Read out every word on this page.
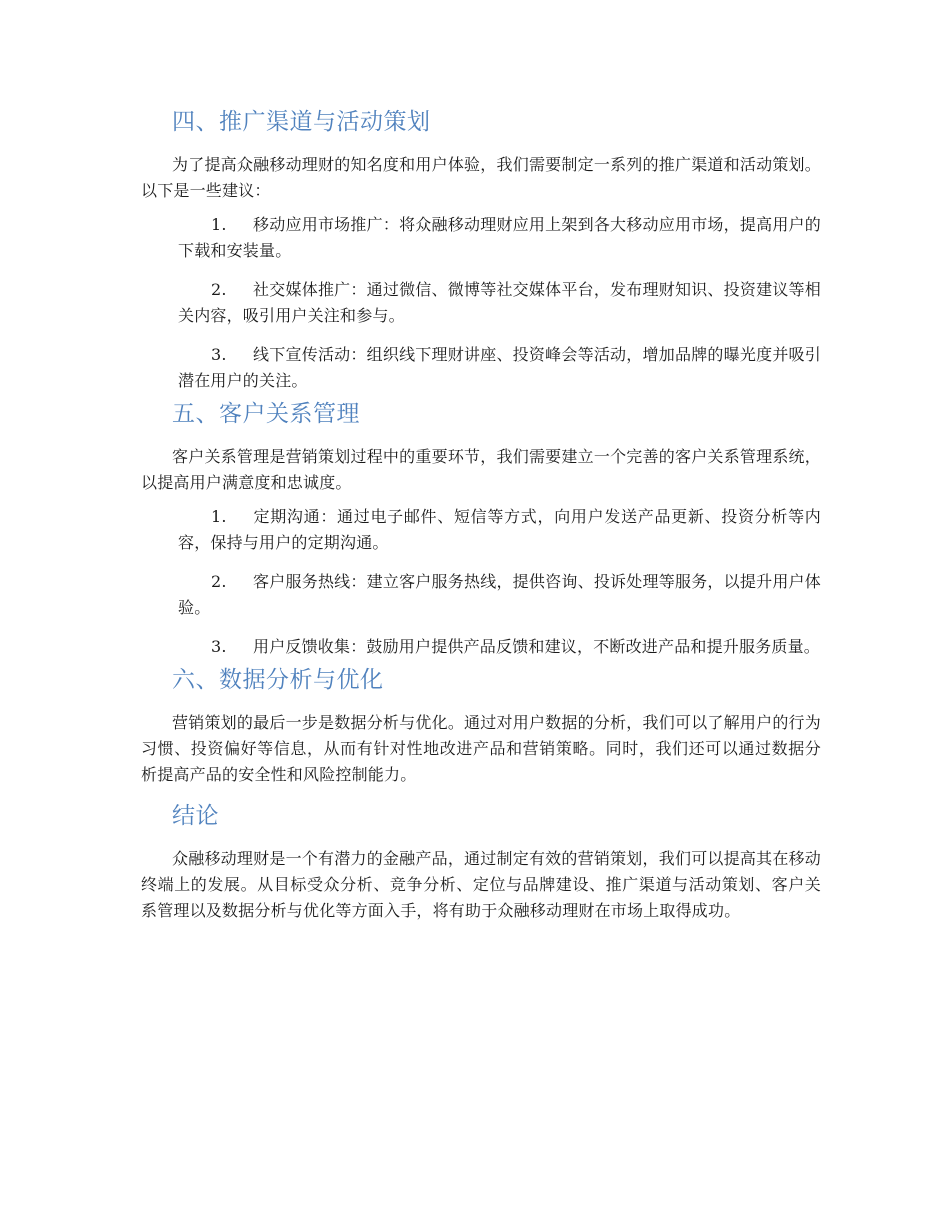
四、推广渠道与活动策划

为了提高众融移动理财的知名度和用户体验，我们需要制定一系列的推广渠道和活动策划。以下是一些建议：

1. 移动应用市场推广：将众融移动理财应用上架到各大移动应用市场，提高用户的下载和安装量。
2. 社交媒体推广：通过微信、微博等社交媒体平台，发布理财知识、投资建议等相关内容，吸引用户关注和参与。
3. 线下宣传活动：组织线下理财讲座、投资峰会等活动，增加品牌的曝光度并吸引潜在用户的关注。
五、客户关系管理

客户关系管理是营销策划过程中的重要环节，我们需要建立一个完善的客户关系管理系统，以提高用户满意度和忠诚度。

1. 定期沟通：通过电子邮件、短信等方式，向用户发送产品更新、投资分析等内容，保持与用户的定期沟通。
2. 客户服务热线：建立客户服务热线，提供咨询、投诉处理等服务，以提升用户体验。
3. 用户反馈收集：鼓励用户提供产品反馈和建议，不断改进产品和提升服务质量。
六、数据分析与优化

营销策划的最后一步是数据分析与优化。通过对用户数据的分析，我们可以了解用户的行为习惯、投资偏好等信息，从而有针对性地改进产品和营销策略。同时，我们还可以通过数据分析提高产品的安全性和风险控制能力。

结论

众融移动理财是一个有潜力的金融产品，通过制定有效的营销策划，我们可以提高其在移动终端上的发展。从目标受众分析、竞争分析、定位与品牌建设、推广渠道与活动策划、客户关系管理以及数据分析与优化等方面入手，将有助于众融移动理财在市场上取得成功。
